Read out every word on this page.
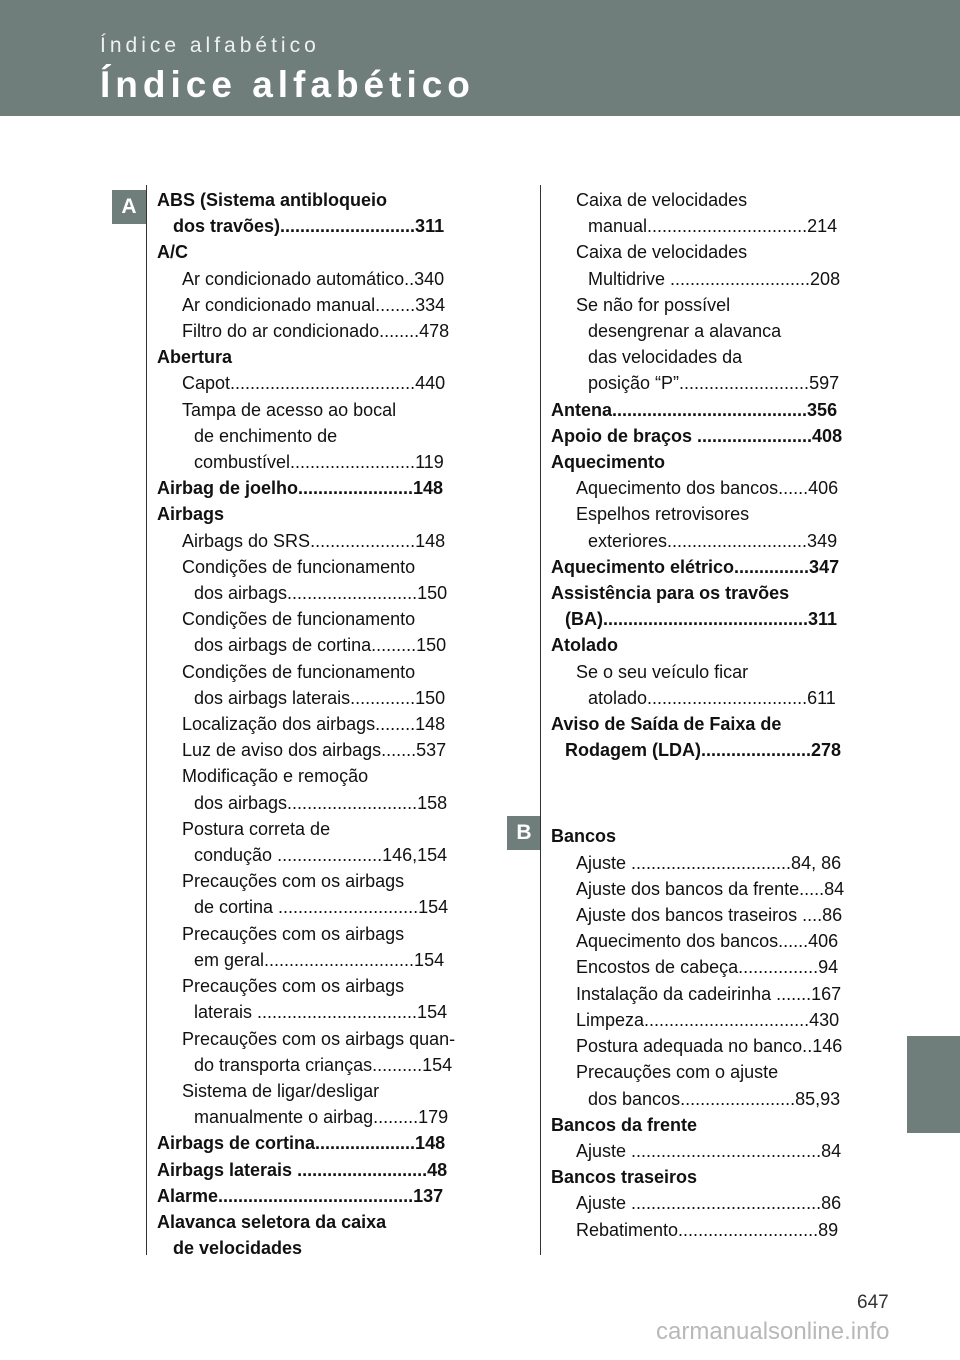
Índice alfabético
Índice alfabético
A
B
ABS (Sistema antibloqueio
dos travões)...........................311
A/C
Ar condicionado automático..340
Ar condicionado manual........334
Filtro do ar condicionado........478
Abertura
Capot.....................................440
Tampa de acesso ao bocal
de enchimento de
combustível.........................119
Airbag de joelho.......................148
Airbags
Airbags do SRS.....................148
Condições de funcionamento
dos airbags..........................150
Condições de funcionamento
dos airbags de cortina.........150
Condições de funcionamento
dos airbags laterais.............150
Localização dos airbags........148
Luz de aviso dos airbags.......537
Modificação e remoção
dos airbags..........................158
Postura correta de
condução .....................146,154
Precauções com os airbags
de cortina ............................154
Precauções com os airbags
em geral..............................154
Precauções com os airbags
laterais ................................154
Precauções com os airbags quan-
do transporta crianças..........154
Sistema de ligar/desligar
manualmente o airbag.........179
Airbags de cortina....................148
Airbags laterais ..........................48
Alarme.......................................137
Alavanca seletora da caixa
de velocidades
Caixa de velocidades
manual................................214
Caixa de velocidades
Multidrive ............................208
Se não for possível
desengrenar a alavanca
das velocidades da
posição “P”..........................597
Antena.......................................356
Apoio de braços .......................408
Aquecimento
Aquecimento dos bancos......406
Espelhos retrovisores
exteriores............................349
Aquecimento elétrico...............347
Assistência para os travões
(BA).........................................311
Atolado
Se o seu veículo ficar
atolado................................611
Aviso de Saída de Faixa de
Rodagem (LDA)......................278
Bancos
Ajuste ................................84, 86
Ajuste dos bancos da frente.....84
Ajuste dos bancos traseiros ....86
Aquecimento dos bancos......406
Encostos de cabeça................94
Instalação da cadeirinha .......167
Limpeza.................................430
Postura adequada no banco..146
Precauções com o ajuste
dos bancos.......................85,93
Bancos da frente
Ajuste ......................................84
Bancos traseiros
Ajuste ......................................86
Rebatimento............................89
647
carmanualsonline.info
